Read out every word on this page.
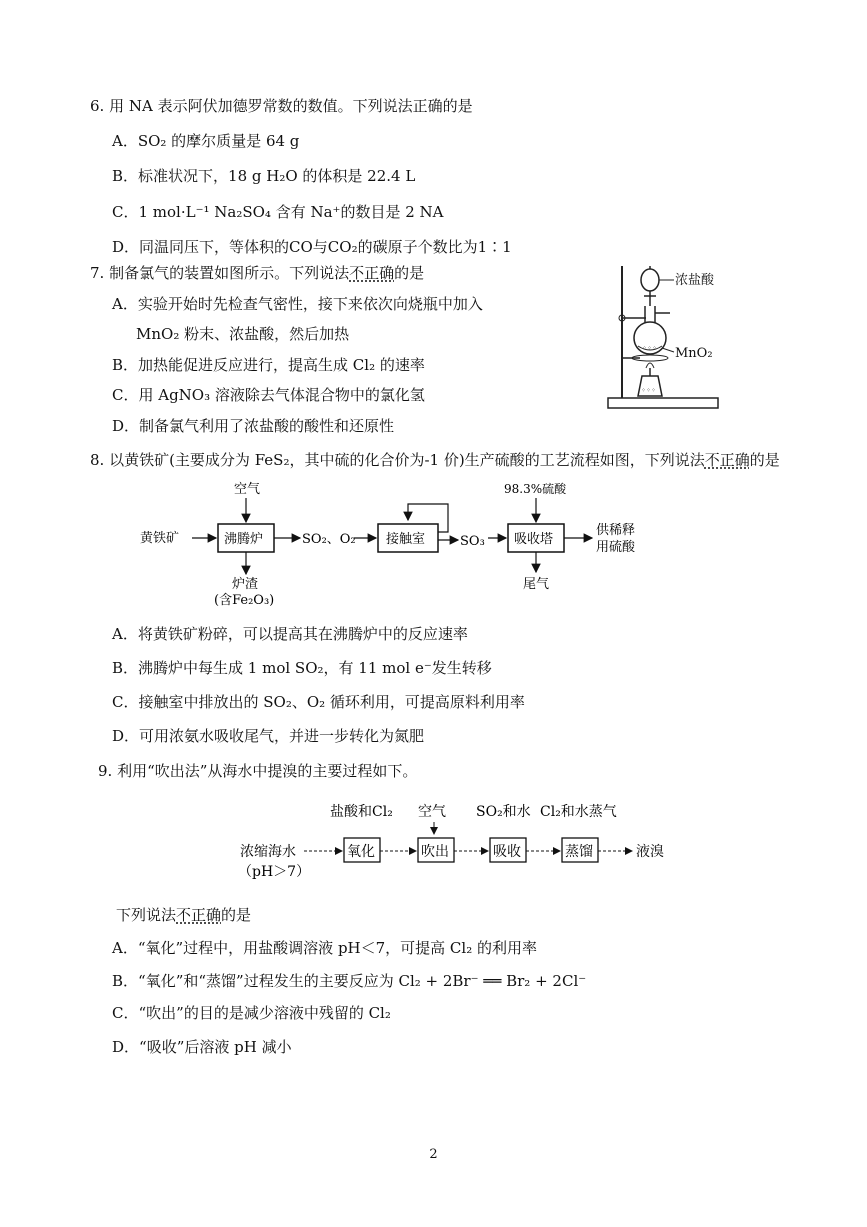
6. 用 NA 表示阿伏加德罗常数的数值。下列说法正确的是
A．SO₂ 的摩尔质量是 64 g
B．标准状况下，18 g H₂O 的体积是 22.4 L
C．1 mol·L⁻¹ Na₂SO₄ 含有 Na⁺的数目是 2 NA
D．同温同压下，等体积的CO与CO₂的碳原子个数比为1∶1
7. 制备氯气的装置如图所示。下列说法不正确的是
A．实验开始时先检查气密性，接下来依次向烧瓶中加入
MnO₂ 粉末、浓盐酸，然后加热
B．加热能促进反应进行，提高生成 Cl₂ 的速率
C．用 AgNO₃ 溶液除去气体混合物中的氯化氢
D．制备氯气利用了浓盐酸的酸性和还原性
⁘⁘⁘
⁘⁘⁘
浓盐酸
MnO₂
8. 以黄铁矿(主要成分为 FeS₂，其中硫的化合价为-1 价)生产硫酸的工艺流程如图，下列说法不正确的是
黄铁矿	沸腾炉
空气
炉渣
(含Fe₂O₃)
SO₂、O₂ 接触室	SO₃ 吸收塔
98.3%硫酸
尾气
供稀释
用硫酸
A．将黄铁矿粉碎，可以提高其在沸腾炉中的反应速率
B．沸腾炉中每生成 1 mol SO₂，有 11 mol e⁻发生转移
C．接触室中排放出的 SO₂、O₂ 循环利用，可提高原料利用率
D．可用浓氨水吸收尾气，并进一步转化为氮肥
9. 利用“吹出法”从海水中提溴的主要过程如下。
盐酸和Cl₂ 空气 SO₂和水 Cl₂和水蒸气
浓缩海水
（pH＞7）
氧化	吹出	吸收	蒸馏	液溴
下列说法不正确的是
A．“氧化”过程中，用盐酸调溶液 pH＜7，可提高 Cl₂ 的利用率
B．“氧化”和“蒸馏”过程发生的主要反应为 Cl₂ + 2Br⁻ ══ Br₂ + 2Cl⁻
C．“吹出”的目的是减少溶液中残留的 Cl₂
D．“吸收”后溶液 pH 减小
2
